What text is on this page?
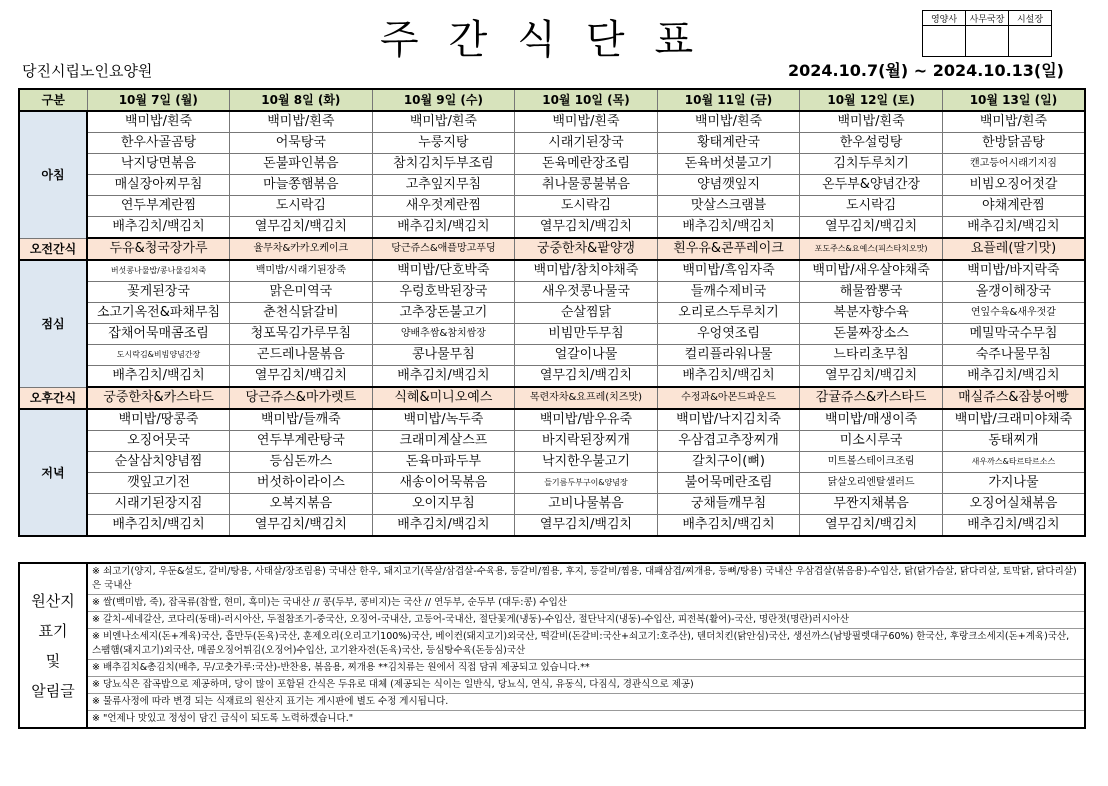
주간식단표	영양사	사무국장	시설장

당진시립노인요양원	2024.10.7(월) ~ 2024.10.13(일)
구분	10월 7일 (월)	10월 8일 (화)	10월 9일 (수)	10월 10일 (목)	10월 11일 (금)	10월 12일 (토)	10월 13일 (일)
아침	백미밥/흰죽	백미밥/흰죽	백미밥/흰죽	백미밥/흰죽	백미밥/흰죽	백미밥/흰죽	백미밥/흰죽
	한우사골곰탕	어묵탕국	누룽지탕	시래기된장국	황태계란국	한우설렁탕	한방닭곰탕
	낙지당면볶음	돈불파인볶음	참치김치두부조림	돈육메란장조림	돈육버섯불고기	김치두루치기	캔고등어시래기지짐
	매실장아찌무침	마늘쫑햄볶음	고추잎지무침	취나물콩불볶음	양념깻잎지	온두부&양념간장	비빔오징어젓갈
	연두부계란찜	도시락김	새우젓계란찜	도시락김	맛살스크램블	도시락김	야채계란찜
	배추김치/백김치	열무김치/백김치	배추김치/백김치	열무김치/백김치	배추김치/백김치	열무김치/백김치	배추김치/백김치
오전간식	두유&청국장가루	율무차&카카오케이크	당근쥬스&애플망고푸딩	궁중한차&팥양갱	흰우유&콘푸레이크	포도주스&요예스(피스타치오맛)	요플레(딸기맛)
점심	버섯콩나물밥/콩나물김치죽	백미밥/시래기된장죽	백미밥/단호박죽	백미밥/참치야채죽	백미밥/흑임자죽	백미밥/새우살야채죽	백미밥/바지락죽
	꽃게된장국	맑은미역국	우렁호박된장국	새우젓콩나물국	들깨수제비국	해물짬뽕국	올갱이해장국
	소고기옥전&파채무침	춘천식닭갈비	고추장돈불고기	순살찜닭	오리로스두루치기	복분자향수육	연잎수육&새우젓갈
	잡채어묵매콤조림	청포묵김가루무침	양배추쌈&참치쌈장	비빔만두무침	우엉엿조림	돈불짜장소스	메밀막국수무침
	도시락김&비빔양념간장	곤드레나물볶음	콩나물무침	얼갈이나물	컬리플라워나물	느타리초무침	숙주나물무침
	배추김치/백김치	열무김치/백김치	배추김치/백김치	열무김치/백김치	배추김치/백김치	열무김치/백김치	배추김치/백김치
오후간식	궁중한차&카스타드	당근쥬스&마가렛트	식혜&미니오예스	목련자차&요프레(치즈맛)	수정과&아몬드파운드	감귤쥬스&카스타드	매실쥬스&잠붕어빵
저녁	백미밥/땅콩죽	백미밥/들깨죽	백미밥/녹두죽	백미밥/밤우유죽	백미밥/낙지김치죽	백미밥/매생이죽	백미밥/크래미야채죽
	오징어뭇국	연두부계란탕국	크래미계살스프	바지락된장찌개	우삼겹고추장찌개	미소시루국	동태찌개
	순살삼치양념찜	등심돈까스	돈육마파두부	낙지한우불고기	갈치구이(뼈)	미트볼스테이크조림	새우까스&타르타르소스
	깻잎고기전	버섯하이라이스	새송이어묵볶음	들기름두부구이&양념장	불어묵메란조림	닭살오리엔탈샐러드	가지나물
	시래기된장지짐	오복지볶음	오이지무침	고비나물볶음	궁채들깨무침	무짠지채볶음	오징어실채볶음
	배추김치/백김치	열무김치/백김치	배추김치/백김치	열무김치/백김치	배추김치/백김치	열무김치/백김치	배추김치/백김치
원산지
표기
및
알림글	※ 쇠고기(양지, 우둔&설도, 갈비/탕용, 사태살/장조림용) 국내산 한우, 돼지고기(목살/삼겹살-수육용, 등갈비/찜용, 후지, 등갈비/찜용, 대패삼겹/찌개용, 등뼈/탕용) 국내산 우삼겹살(볶음용)-수입산, 닭(닭가슴살, 닭다리살, 토막닭, 닭다리살) 은 국내산
※ 쌀(백미밥, 죽), 잡곡류(찹쌀, 현미, 흑미)는 국내산 // 콩(두부, 콩비지)는 국산 // 연두부, 순두부 (대두:콩) 수입산
※ 갈치-세네갈산, 코다리(동태)-러시아산, 두절참조기-중국산, 오징어-국내산, 고등어-국내산, 절단꽃게(냉동)-수입산, 절단낙지(냉동)-수입산, 피전복(활어)-국산, 명란젓(명란)러시아산
※ 비엔나소세지(돈+계육)국산, 흡만두(돈육)국산, 훈제오리(오리고기100%)국산, 베이컨(돼지고기)외국산, 떡갈비(돈갈비:국산+쇠고기:호주산), 텐더치킨(닭안심)국산, 생선까스(남방필렛대구60%) 한국산, 후랑크소세지(돈+계육)국산, 스팸햄(돼지고기)외국산, 매콤오징어튀김(오징어)수입산, 고기완자전(돈육)국산, 등심탕수육(돈등심)국산
※ 배추김치&총김치(배추, 무/고춧가루:국산)-반찬용, 볶음용, 찌개용 **김치류는 원에서 직접 담궈 제공되고 있습니다.**
※ 당뇨식은 잡곡밥으로 제공하며, 당이 많이 포함된 간식은 두유로 대체 (제공되는 식이는 일반식, 당뇨식, 연식, 유동식, 다짐식, 경관식으로 제공)
※ 물류사정에 따라 변경 되는 식재료의 원산지 표기는 게시판에 별도 수정 게시됩니다.
※ "언제나 맛있고 정성이 담긴 급식이 되도록 노력하겠습니다."
